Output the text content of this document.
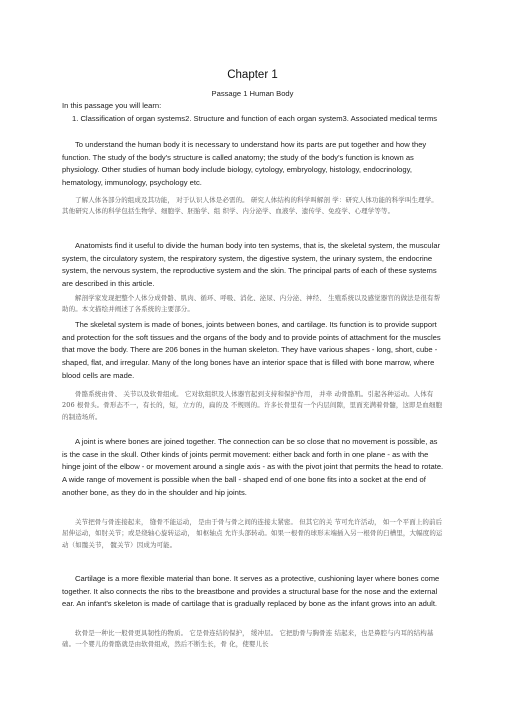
Chapter 1
Passage 1 Human Body

In this passage you will learn:

1. Classification of organ systems2. Structure and function of each organ system3. Associated medical terms

To understand the human body it is necessary to understand how its parts are put together and how they function. The study of the body's structure is called anatomy; the study of the body's function is known as physiology. Other studies of human body include biology, cytology, embryology, histology, endocrinology, hematology, immunology, psychology etc.

了解人体各部分的组成及其功能， 对于认识人体是必需的。 研究人体结构的科学叫解剖 学：研究人体功能的科学叫生理学。其他研究人体的科学包括生物学、细胞学、胚胎学、组 织学、内分泌学、血液学、遗传学、免疫学、心理学等等。

Anatomists find it useful to divide the human body into ten systems, that is, the skeletal system, the muscular system, the circulatory system, the respiratory system, the digestive system, the urinary system, the endocrine system, the nervous system, the reproductive system and the skin. The principal parts of each of these systems are described in this article.

解剖学家发现把整个人体分成骨骼、肌肉、循环、呼吸、消化、泌尿、内分泌、神经、 生殖系统以及感觉器官的做法是很有帮助的。本文描绘并阐述了各系统的主要部分。

The skeletal system is made of bones, joints between bones, and cartilage. Its function is to provide support and protection for the soft tissues and the organs of the body and to provide points of attachment for the muscles that move the body. There are 206 bones in the human skeleton. They have various shapes - long, short, cube - shaped, flat, and irregular. Many of the long bones have an interior space that is filled with bone marrow, where blood cells are made.

骨骼系统由骨、 关节以及软骨组成。 它对软组织及人体器官起到支持和保护作用， 并牵 动骨骼肌。引起各种运动。人体有 206 根骨头。骨形态不一，有长的，短，立方的，扁的及 不规则的。许多长骨里有一个内层间隙，里面充满着骨髓，这即是血细胞的制造场所。

A joint is where bones are joined together. The connection can be so close that no movement is possible, as is the case in the skull. Other kinds of joints permit movement: either back and forth in one plane - as with the hinge joint of the elbow - or movement around a single axis - as with the pivot joint that permits the head to rotate. A wide range of movement is possible when the ball - shaped end of one bone fits into a socket at the end of another bone, as they do in the shoulder and hip joints.

关节把骨与骨连接起来， 缝骨不能运动， 是由于骨与骨之间的连接太紧密。 但其它的关 节可允许活动， 如一个平面上的前后屈伸运动，如肘关节；或是绕轴心旋转运动， 如枢轴点 允许头部转动。如果一根骨的球形末端插入另一根骨的臼槽里，大幅度的运动（如髋关节， 髋关节）因成为可能。

Cartilage is a more flexible material than bone. It serves as a protective, cushioning layer where bones come together. It also connects the ribs to the breastbone and provides a structural base for the nose and the external ear. An infant's skeleton is made of cartilage that is gradually replaced by bone as the infant grows into an adult.

软骨是一种比一般骨更具韧性的物质。 它是骨连结的保护， 缓冲层。 它把肋骨与胸骨连 结起来，也是鼻腔与内耳的结构基础。一个婴儿的骨骼就是由软骨组成，然后不断生长，骨 化，使婴儿长
